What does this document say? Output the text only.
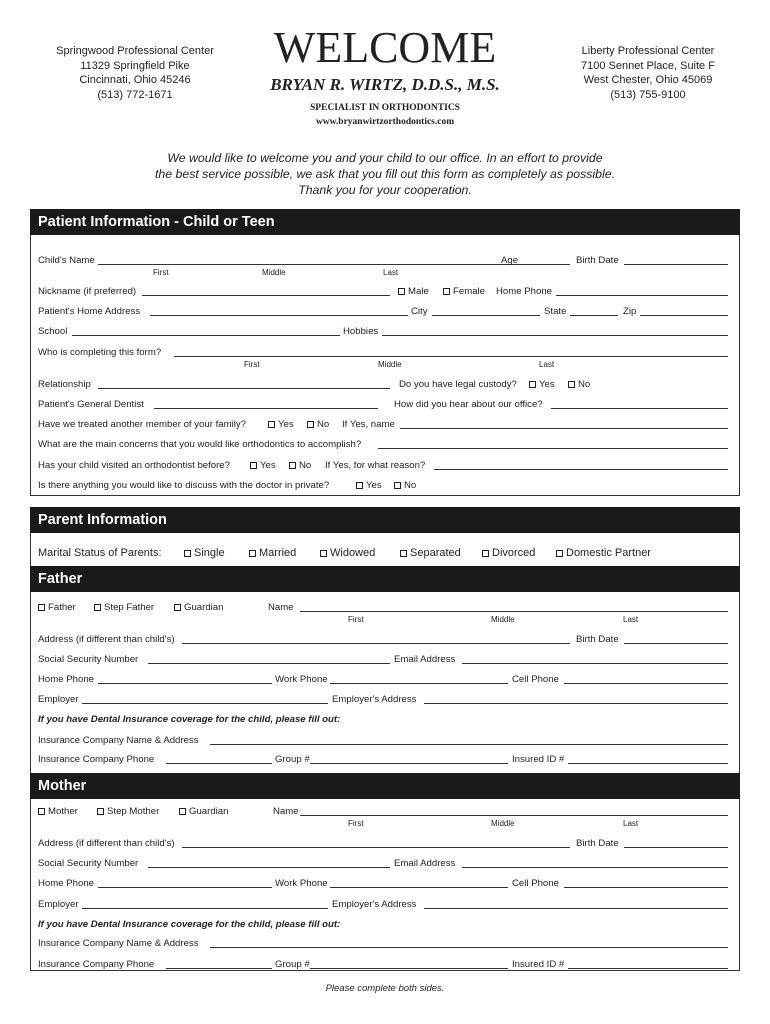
Springwood Professional Center
11329 Springfield Pike
Cincinnati, Ohio 45246
(513) 772-1671
Liberty Professional Center
7100 Sennet Place, Suite F
West Chester, Ohio 45069
(513) 755-9100
WELCOME
BRYAN R. WIRTZ, D.D.S., M.S.
SPECIALIST IN ORTHODONTICS
www.bryanwirtzorthodontics.com
We would like to welcome you and your child to our office. In an effort to provide
the best service possible, we ask that you fill out this form as completely as possible.
Thank you for your cooperation.
Patient Information - Child or Teen
Child's Name	Age	Birth Date
First	Middle	Last
Nickname (if preferred)	Male	Female Home Phone
Patient's Home Address	City	State	Zip
School	Hobbies
Who is completing this form?
First	Middle	Last
Relationship	Do you have legal custody?	Yes	No
Patient's General Dentist	How did you hear about our office?
Have we treated another member of your family?	Yes	No If Yes, name
What are the main concerns that you would like orthodontics to accomplish?
Has your child visited an orthodontist before?	Yes	No If Yes, for what reason?
Is there anything you would like to discuss with the doctor in private?	Yes	No
Parent Information
Marital Status of Parents:	Single	Married	Widowed	Separated	Divorced	Domestic Partner
Father
Father	Step Father	Guardian	Name
First	Middle	Last
Address (if different than child's)	Birth Date
Social Security Number	Email Address
Home Phone	Work Phone	Cell Phone
Employer	Employer's Address
If you have Dental Insurance coverage for the child, please fill out:
Insurance Company Name & Address
Insurance Company Phone	Group #	Insured ID #
Mother
Mother	Step Mother	Guardian	Name
First	Middle	Last
Address (if different than child's)	Birth Date
Social Security Number	Email Address
Home Phone	Work Phone	Cell Phone
Employer	Employer's Address
If you have Dental Insurance coverage for the child, please fill out:
Insurance Company Name & Address
Insurance Company Phone	Group #	Insured ID #
Please complete both sides.
